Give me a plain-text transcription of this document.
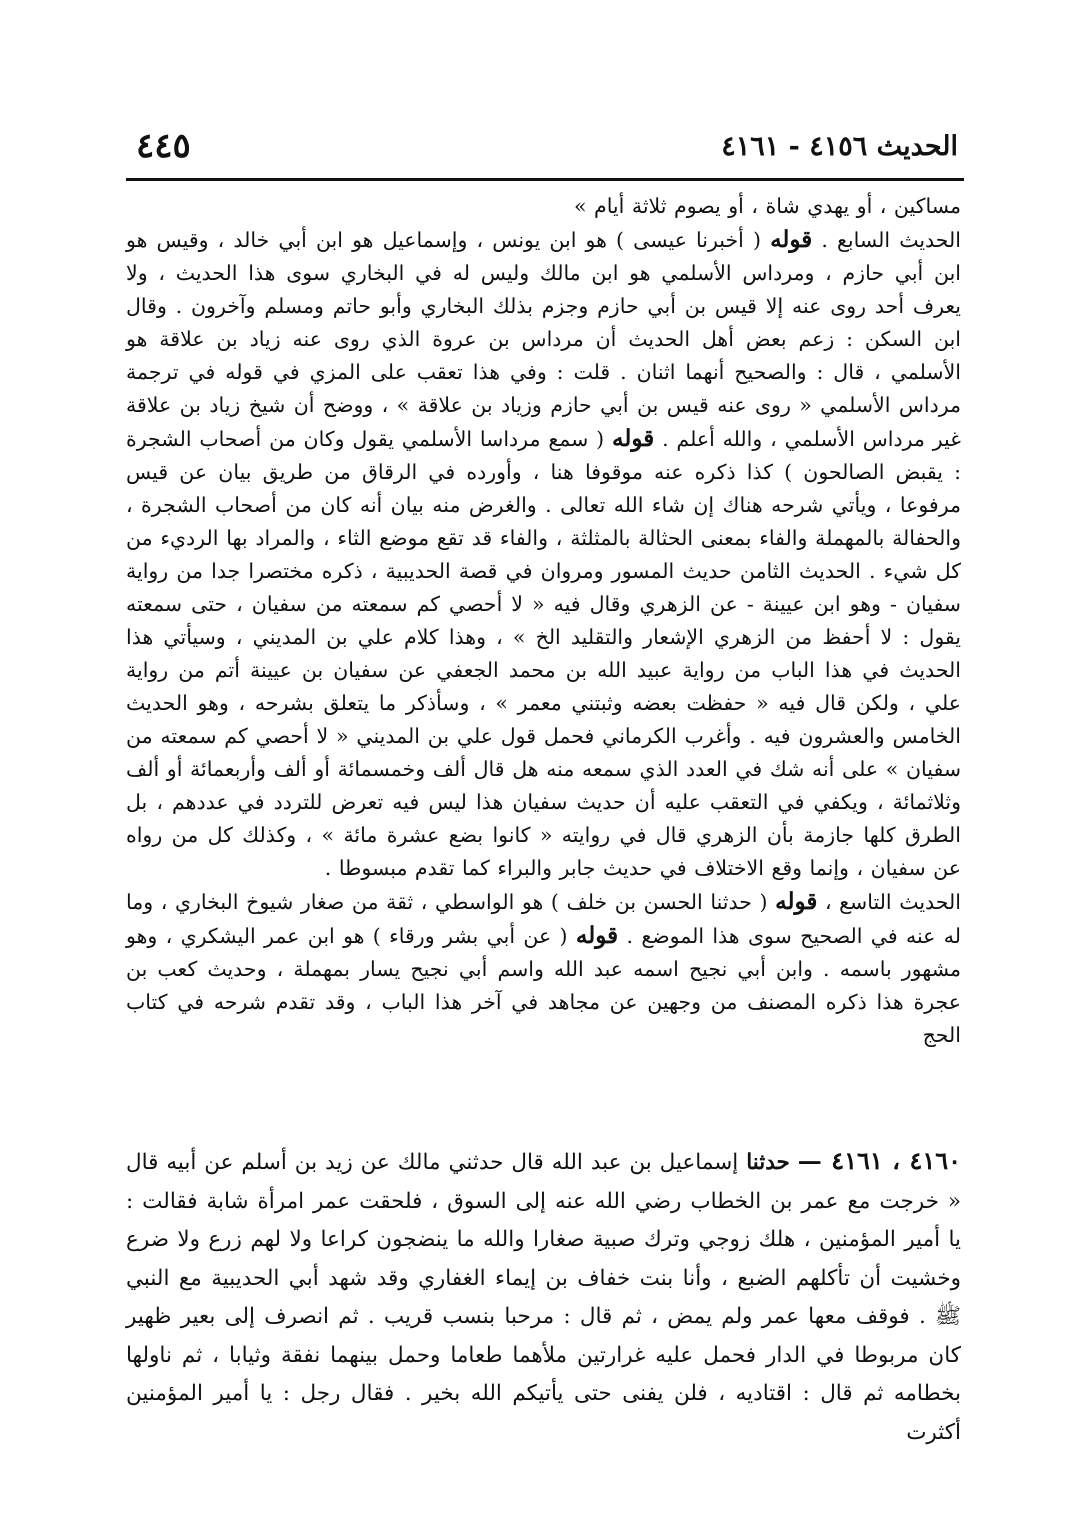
الحديث ٤١٥٦ - ٤١٦١
٤٤٥

مساكين ، أو يهدي شاة ، أو يصوم ثلاثة أيام »

الحديث السابع . قوله ( أخبرنا عيسى ) هو ابن يونس ، وإسماعيل هو ابن أبي خالد ، وقيس هو ابن أبي حازم ، ومرداس الأسلمي هو ابن مالك وليس له في البخاري سوى هذا الحديث ، ولا يعرف أحد روى عنه إلا قيس بن أبي حازم وجزم بذلك البخاري وأبو حاتم ومسلم وآخرون . وقال ابن السكن : زعم بعض أهل الحديث أن مرداس بن عروة الذي روى عنه زياد بن علاقة هو الأسلمي ، قال : والصحيح أنهما اثنان . قلت : وفي هذا تعقب على المزي في قوله في ترجمة مرداس الأسلمي « روى عنه قيس بن أبي حازم وزياد بن علاقة » ، ووضح أن شيخ زياد بن علاقة غير مرداس الأسلمي ، والله أعلم . قوله ( سمع مرداسا الأسلمي يقول وكان من أصحاب الشجرة : يقبض الصالحون ) كذا ذكره عنه موقوفا هنا ، وأورده في الرقاق من طريق بيان عن قيس مرفوعا ، ويأتي شرحه هناك إن شاء الله تعالى . والغرض منه بيان أنه كان من أصحاب الشجرة ، والحفالة بالمهملة والفاء بمعنى الحثالة بالمثلثة ، والفاء قد تقع موضع الثاء ، والمراد بها الرديء من كل شيء . الحديث الثامن حديث المسور ومروان في قصة الحديبية ، ذكره مختصرا جدا من رواية سفيان - وهو ابن عيينة - عن الزهري وقال فيه « لا أحصي كم سمعته من سفيان ، حتى سمعته يقول : لا أحفظ من الزهري الإشعار والتقليد الخ » ، وهذا كلام علي بن المديني ، وسيأتي هذا الحديث في هذا الباب من رواية عبيد الله بن محمد الجعفي عن سفيان بن عيينة أتم من رواية علي ، ولكن قال فيه « حفظت بعضه وثبتني معمر » ، وسأذكر ما يتعلق بشرحه ، وهو الحديث الخامس والعشرون فيه . وأغرب الكرماني فحمل قول علي بن المديني « لا أحصي كم سمعته من سفيان » على أنه شك في العدد الذي سمعه منه هل قال ألف وخمسمائة أو ألف وأربعمائة أو ألف وثلاثمائة ، ويكفي في التعقب عليه أن حديث سفيان هذا ليس فيه تعرض للتردد في عددهم ، بل الطرق كلها جازمة بأن الزهري قال في روايته « كانوا بضع عشرة مائة » ، وكذلك كل من رواه عن سفيان ، وإنما وقع الاختلاف في حديث جابر والبراء كما تقدم مبسوطا .

الحديث التاسع ، قوله ( حدثنا الحسن بن خلف ) هو الواسطي ، ثقة من صغار شيوخ البخاري ، وما له عنه في الصحيح سوى هذا الموضع . قوله ( عن أبي بشر ورقاء ) هو ابن عمر اليشكري ، وهو مشهور باسمه . وابن أبي نجيح اسمه عبد الله واسم أبي نجيح يسار بمهملة ، وحديث كعب بن عجرة هذا ذكره المصنف من وجهين عن مجاهد في آخر هذا الباب ، وقد تقدم شرحه في كتاب الحج

٤١٦٠ ، ٤١٦١ — حدثنا إسماعيل بن عبد الله قال حدثني مالك عن زيد بن أسلم عن أبيه قال « خرجت مع عمر بن الخطاب رضي الله عنه إلى السوق ، فلحقت عمر امرأة شابة فقالت : يا أمير المؤمنين ، هلك زوجي وترك صبية صغارا والله ما ينضجون كراعا ولا لهم زرع ولا ضرع وخشيت أن تأكلهم الضبع ، وأنا بنت خفاف بن إيماء الغفاري وقد شهد أبي الحديبية مع النبي ﷺ . فوقف معها عمر ولم يمض ، ثم قال : مرحبا بنسب قريب . ثم انصرف إلى بعير ظهير كان مربوطا في الدار فحمل عليه غرارتين ملأهما طعاما وحمل بينهما نفقة وثيابا ، ثم ناولها بخطامه ثم قال : اقتاديه ، فلن يفنى حتى يأتيكم الله بخير . فقال رجل : يا أمير المؤمنين أكثرت
